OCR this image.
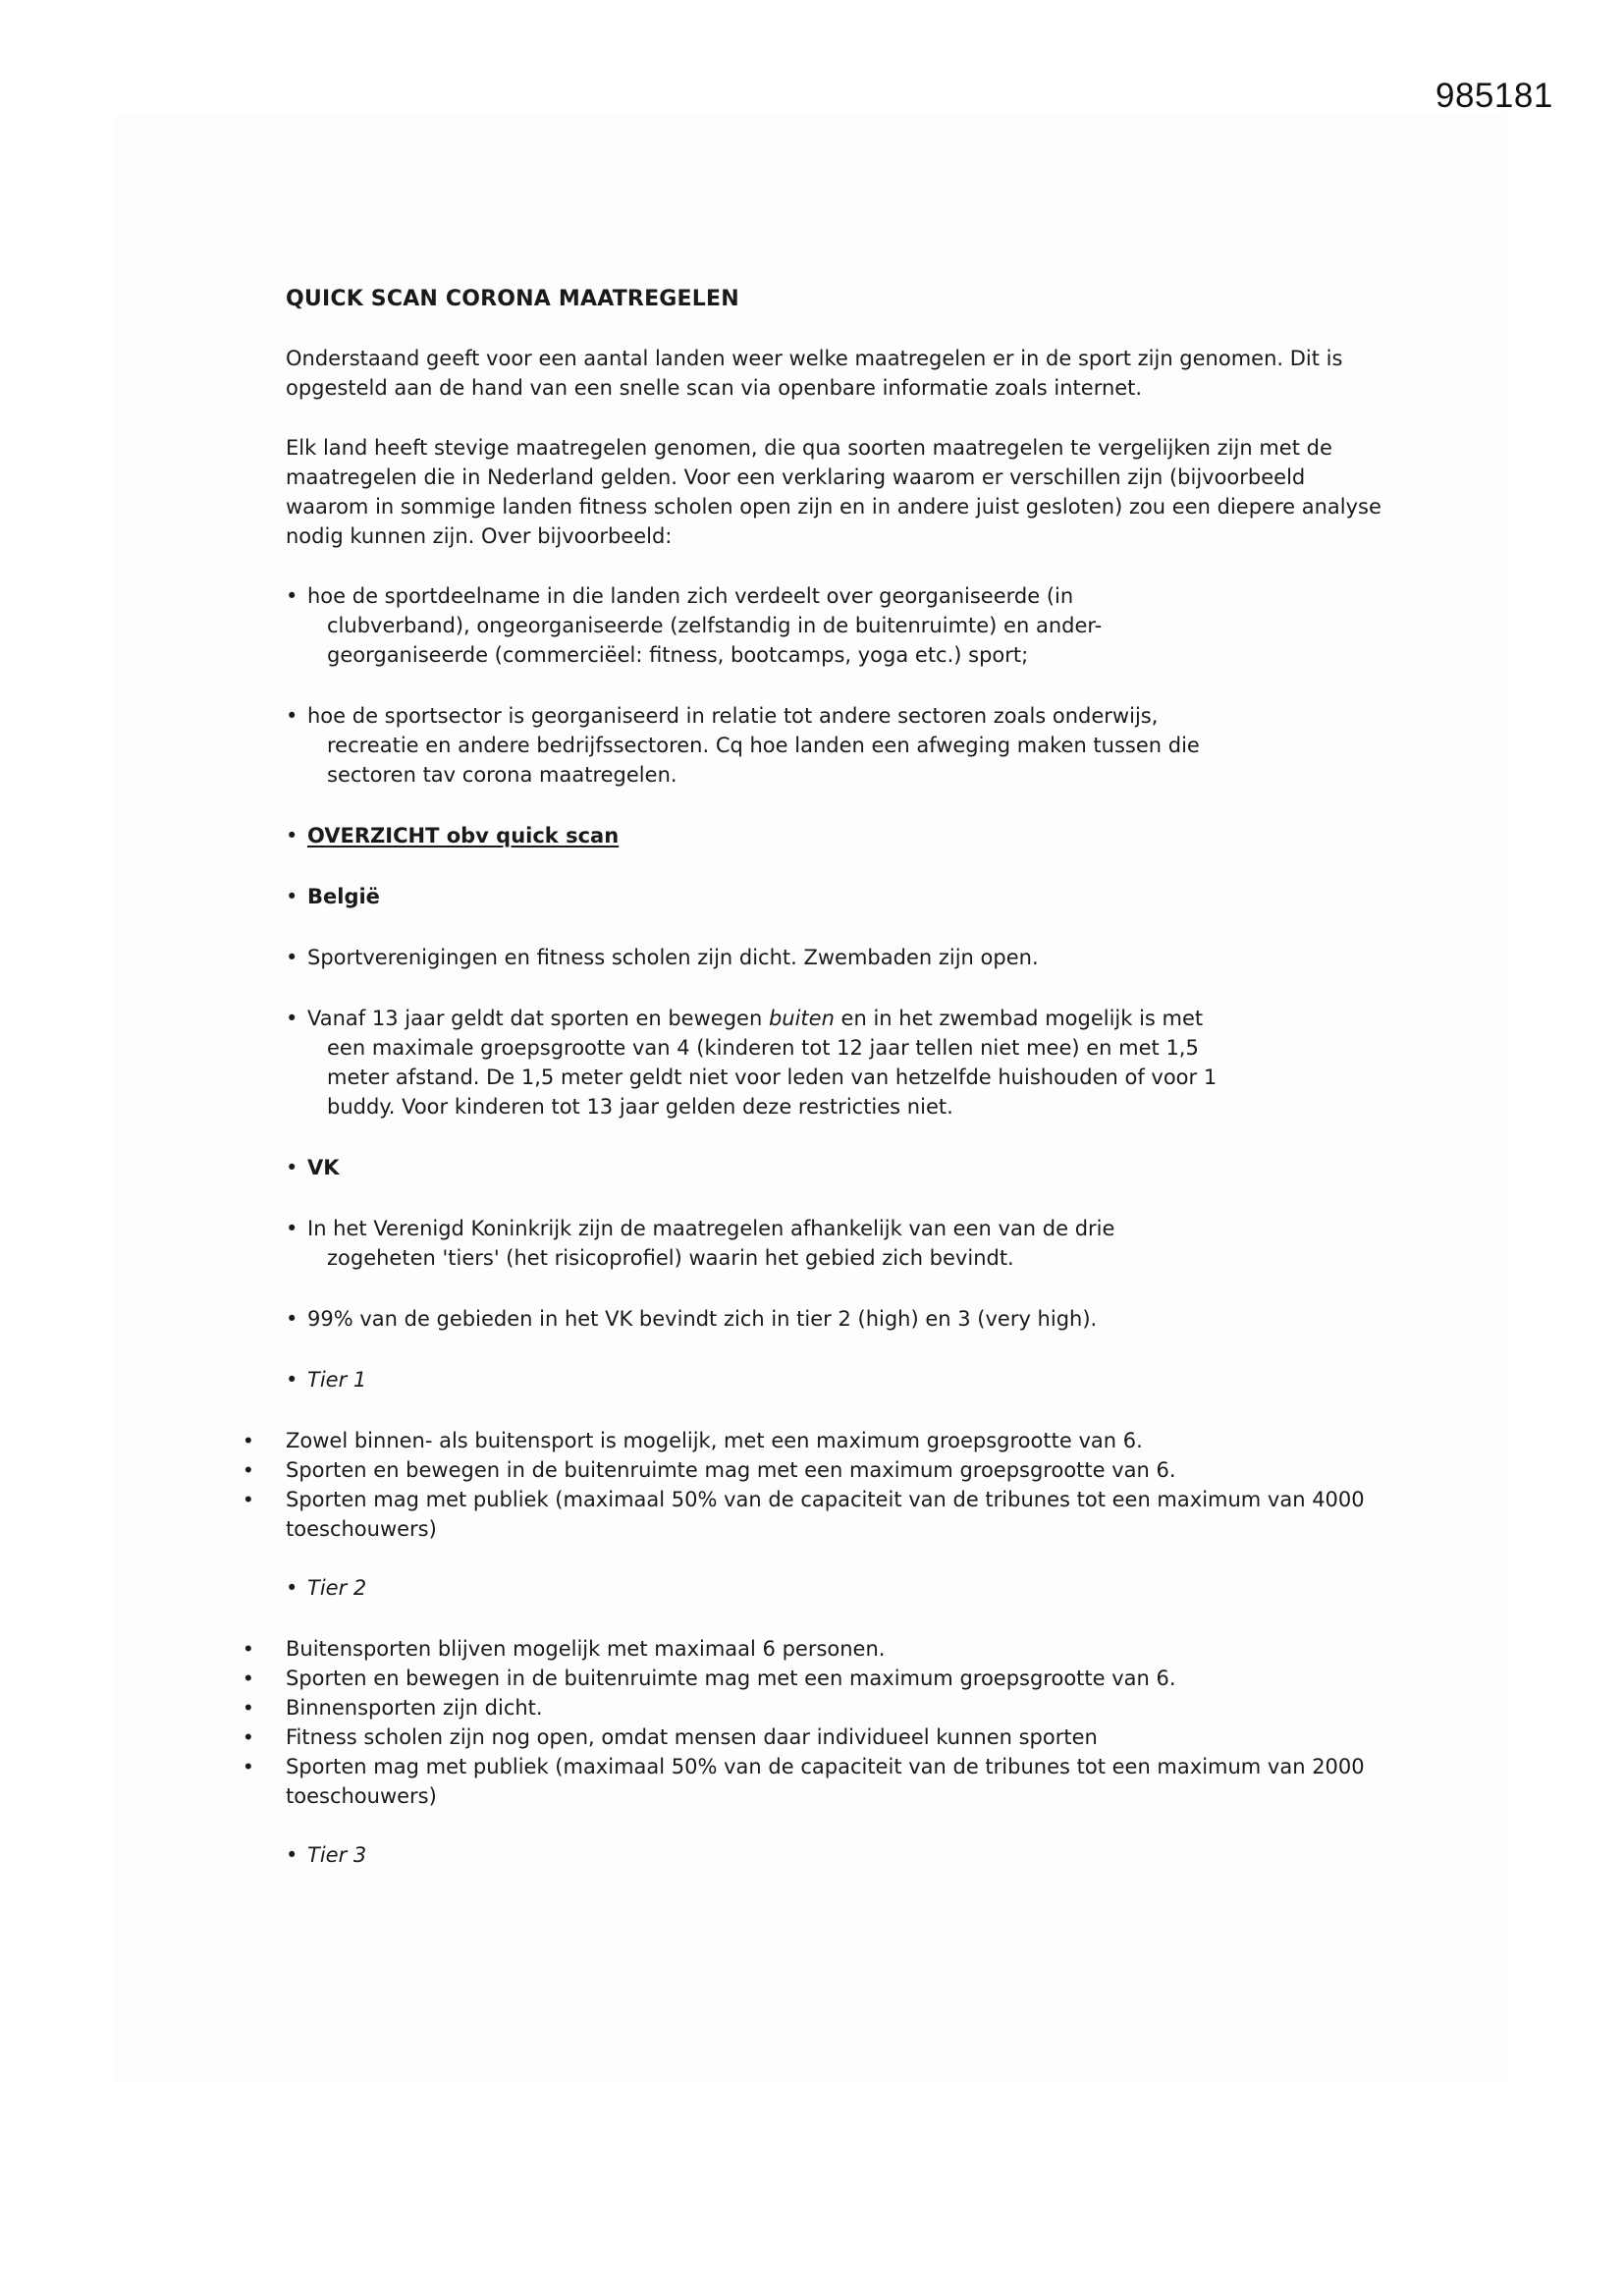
985181
QUICK SCAN CORONA MAATREGELEN

Onderstaand geeft voor een aantal landen weer welke maatregelen er in de sport zijn genomen. Dit is opgesteld aan de hand van een snelle scan via openbare informatie zoals internet.

Elk land heeft stevige maatregelen genomen, die qua soorten maatregelen te vergelijken zijn met de maatregelen die in Nederland gelden. Voor een verklaring waarom er verschillen zijn (bijvoorbeeld waarom in sommige landen fitness scholen open zijn en in andere juist gesloten) zou een diepere analyse nodig kunnen zijn. Over bijvoorbeeld:

• hoe de sportdeelname in die landen zich verdeelt over georganiseerde (in
clubverband), ongeorganiseerde (zelfstandig in de buitenruimte) en ander-
georganiseerde (commerciëel: fitness, bootcamps, yoga etc.) sport;
• hoe de sportsector is georganiseerd in relatie tot andere sectoren zoals onderwijs,
recreatie en andere bedrijfssectoren. Cq hoe landen een afweging maken tussen die
sectoren tav corona maatregelen.
• OVERZICHT obv quick scan
• België
• Sportverenigingen en fitness scholen zijn dicht. Zwembaden zijn open.
• Vanaf 13 jaar geldt dat sporten en bewegen buiten en in het zwembad mogelijk is met
een maximale groepsgrootte van 4 (kinderen tot 12 jaar tellen niet mee) en met 1,5
meter afstand. De 1,5 meter geldt niet voor leden van hetzelfde huishouden of voor 1
buddy. Voor kinderen tot 13 jaar gelden deze restricties niet.
• VK
• In het Verenigd Koninkrijk zijn de maatregelen afhankelijk van een van de drie
zogeheten 'tiers' (het risicoprofiel) waarin het gebied zich bevindt.
• 99% van de gebieden in het VK bevindt zich in tier 2 (high) en 3 (very high).
• Tier 1
• Zowel binnen- als buitensport is mogelijk, met een maximum groepsgrootte van 6.
• Sporten en bewegen in de buitenruimte mag met een maximum groepsgrootte van 6.
• Sporten mag met publiek (maximaal 50% van de capaciteit van de tribunes tot een maximum van 4000 toeschouwers)
• Tier 2
• Buitensporten blijven mogelijk met maximaal 6 personen.
• Sporten en bewegen in de buitenruimte mag met een maximum groepsgrootte van 6.
• Binnensporten zijn dicht.
• Fitness scholen zijn nog open, omdat mensen daar individueel kunnen sporten
• Sporten mag met publiek (maximaal 50% van de capaciteit van de tribunes tot een maximum van 2000 toeschouwers)
• Tier 3
